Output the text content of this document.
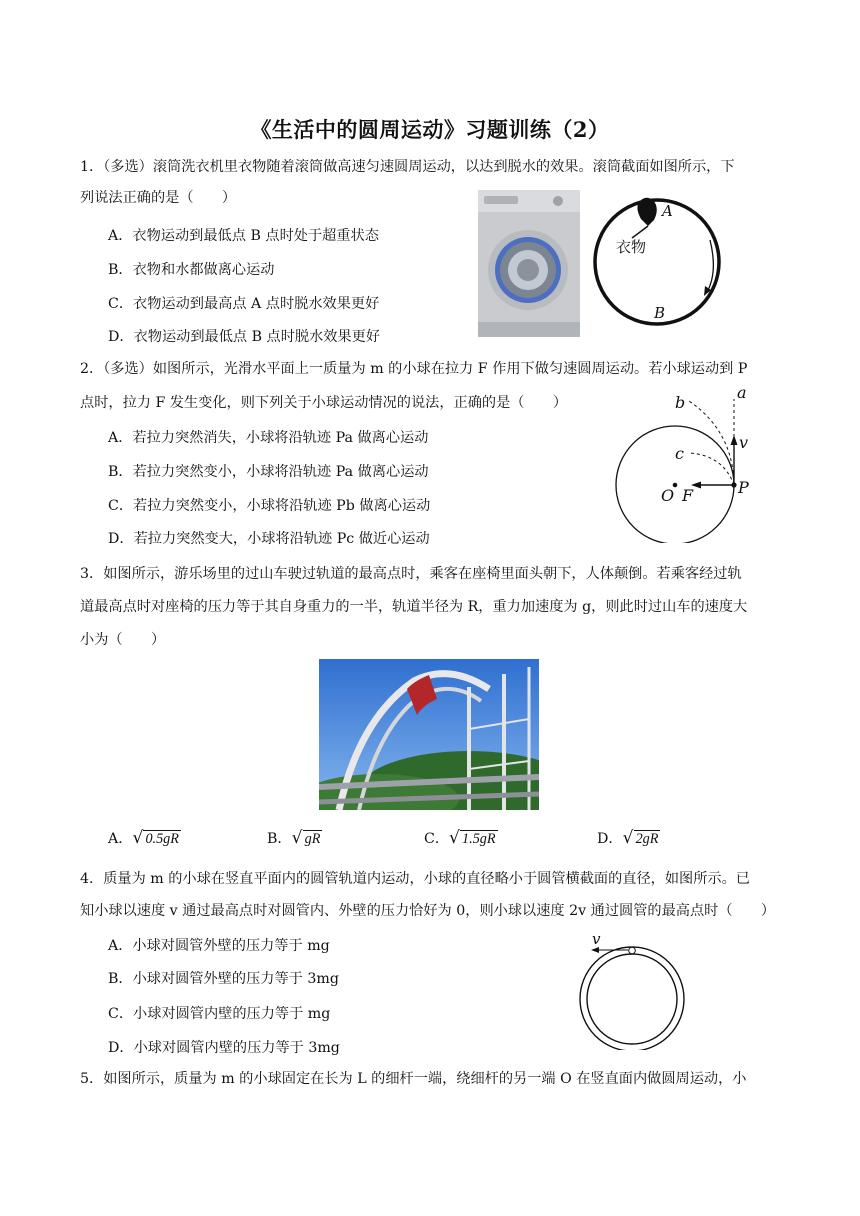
《生活中的圆周运动》习题训练（2）
1．（多选）滚筒洗衣机里衣物随着滚筒做高速匀速圆周运动，以达到脱水的效果。滚筒截面如图所示，下
列说法正确的是（　　）
A．衣物运动到最低点 B 点时处于超重状态
B．衣物和水都做离心运动
C．衣物运动到最高点 A 点时脱水效果更好
D．衣物运动到最低点 B 点时脱水效果更好
A
B
衣物
2．（多选）如图所示，光滑水平面上一质量为 m 的小球在拉力 F 作用下做匀速圆周运动。若小球运动到 P
点时，拉力 F 发生变化，则下列关于小球运动情况的说法，正确的是（　　）
A．若拉力突然消失，小球将沿轨迹 Pa 做离心运动
B．若拉力突然变小，小球将沿轨迹 Pa 做离心运动
C．若拉力突然变小，小球将沿轨迹 Pb 做离心运动
D．若拉力突然变大，小球将沿轨迹 Pc 做近心运动
a
b
c
v
O F	P
3．如图所示，游乐场里的过山车驶过轨道的最高点时，乘客在座椅里面头朝下，人体颠倒。若乘客经过轨
道最高点时对座椅的压力等于其自身重力的一半，轨道半径为 R，重力加速度为 g，则此时过山车的速度大
小为（　　）
A． √ 0.5gR	B． √ gR	C． √ 1.5gR	D． √ 2gR
4．质量为 m 的小球在竖直平面内的圆管轨道内运动，小球的直径略小于圆管横截面的直径，如图所示。已
知小球以速度 v 通过最高点时对圆管内、外壁的压力恰好为 0，则小球以速度 2v 通过圆管的最高点时（　　）
A．小球对圆管外壁的压力等于 mg
B．小球对圆管外壁的压力等于 3mg
C．小球对圆管内壁的压力等于 mg
D．小球对圆管内壁的压力等于 3mg
v
5．如图所示，质量为 m 的小球固定在长为 L 的细杆一端，绕细杆的另一端 O 在竖直面内做圆周运动，小
